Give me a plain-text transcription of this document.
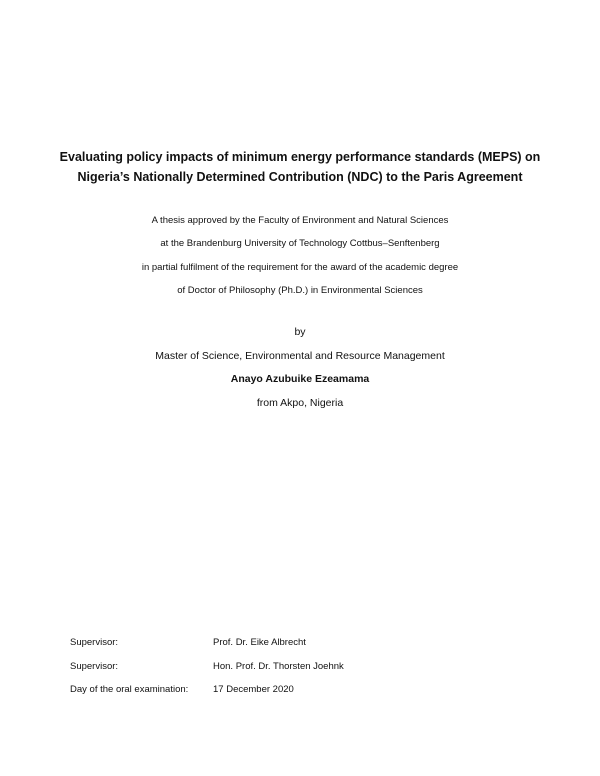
Evaluating policy impacts of minimum energy performance standards (MEPS) on
Nigeria’s Nationally Determined Contribution (NDC) to the Paris Agreement
A thesis approved by the Faculty of Environment and Natural Sciences
at the Brandenburg University of Technology Cottbus–Senftenberg
in partial fulfilment of the requirement for the award of the academic degree
of Doctor of Philosophy (Ph.D.) in Environmental Sciences
by
Master of Science, Environmental and Resource Management
Anayo Azubuike Ezeamama
from Akpo, Nigeria
Supervisor:	Prof. Dr. Eike Albrecht
Supervisor:	Hon. Prof. Dr. Thorsten Joehnk
Day of the oral examination:	17 December 2020
